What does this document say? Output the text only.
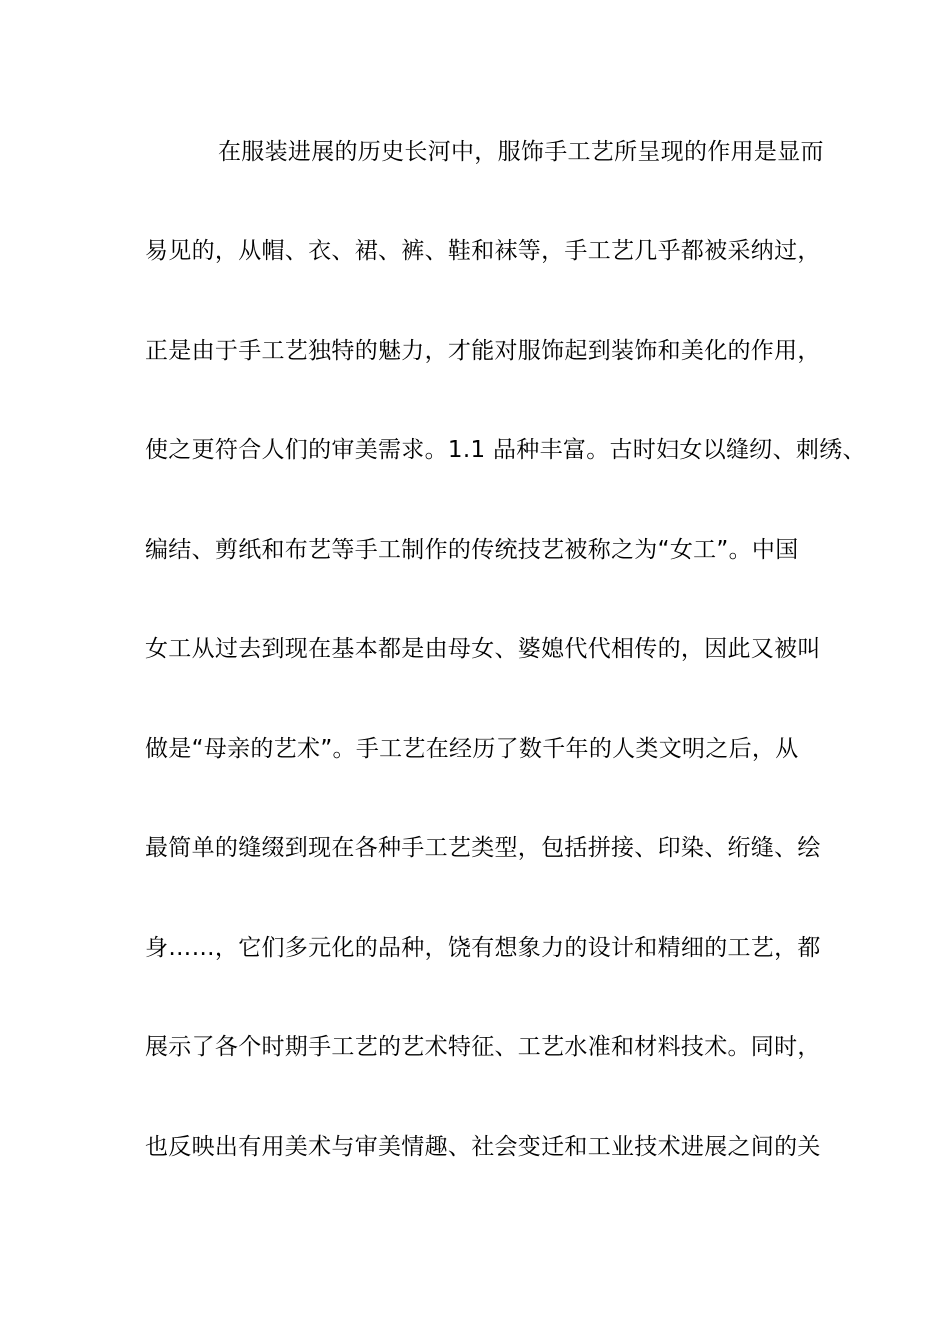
在服装进展的历史长河中，服饰手工艺所呈现的作用是显而
易见的，从帽、衣、裙、裤、鞋和袜等，手工艺几乎都被采纳过，
正是由于手工艺独特的魅力，才能对服饰起到装饰和美化的作用，
使之更符合人们的审美需求。1.1 品种丰富。古时妇女以缝纫、刺绣、
编结、剪纸和布艺等手工制作的传统技艺被称之为“女工”。中国
女工从过去到现在基本都是由母女、婆媳代代相传的，因此又被叫
做是“母亲的艺术”。手工艺在经历了数千年的人类文明之后，从
最简单的缝缀到现在各种手工艺类型，包括拼接、印染、绗缝、绘
身……，它们多元化的品种，饶有想象力的设计和精细的工艺，都
展示了各个时期手工艺的艺术特征、工艺水准和材料技术。同时，
也反映出有用美术与审美情趣、社会变迁和工业技术进展之间的关
